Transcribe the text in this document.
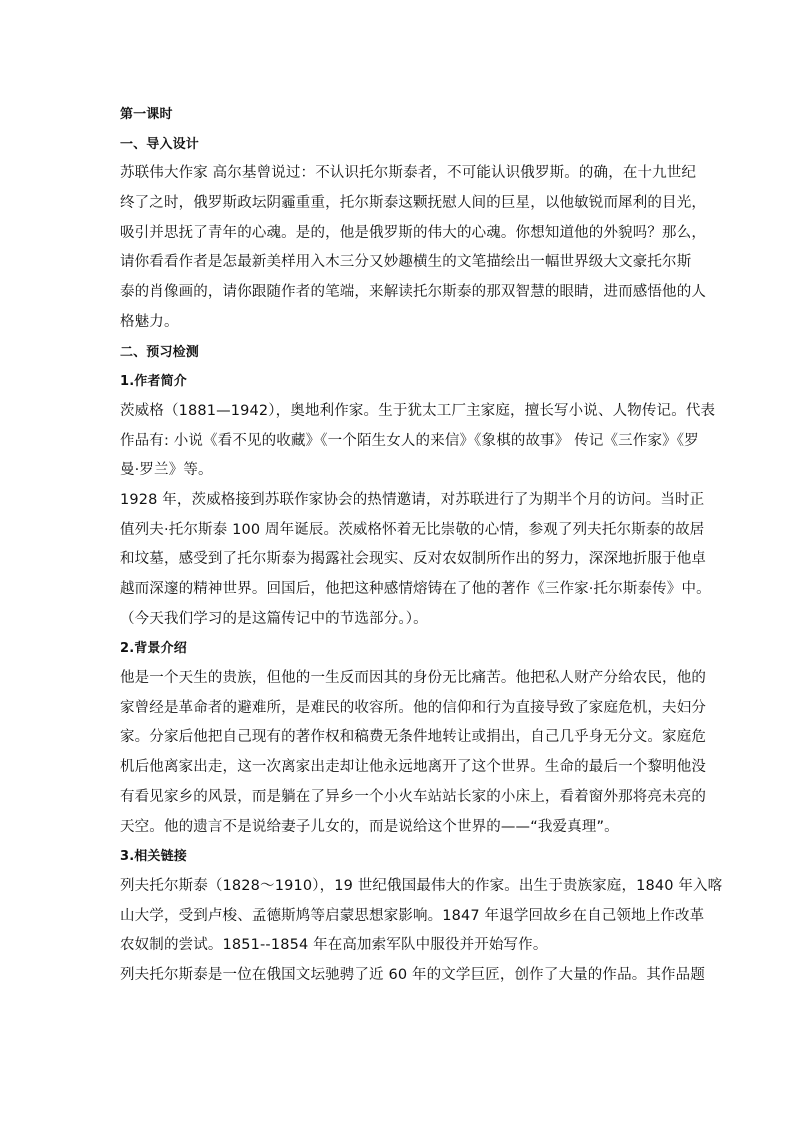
第一课时
一、导入设计
苏联伟大作家 高尔基曾说过：不认识托尔斯泰者，不可能认识俄罗斯。的确，在十九世纪
终了之时，俄罗斯政坛阴霾重重，托尔斯泰这颗抚慰人间的巨星，以他敏锐而犀利的目光，
吸引并思抚了青年的心魂。是的，他是俄罗斯的伟大的心魂。你想知道他的外貌吗？那么，
请你看看作者是怎最新美样用入木三分又妙趣横生的文笔描绘出一幅世界级大文豪托尔斯
泰的肖像画的，请你跟随作者的笔端，来解读托尔斯泰的那双智慧的眼睛，进而感悟他的人
格魅力。
二、预习检测
1.作者简介
茨威格（1881—1942），奥地利作家。生于犹太工厂主家庭，擅长写小说、人物传记。代表
作品有: 小说《看不见的收藏》《一个陌生女人的来信》《象棋的故事》 传记《三作家》《罗
曼·罗兰》等。
1928 年，茨威格接到苏联作家协会的热情邀请，对苏联进行了为期半个月的访问。当时正
值列夫·托尔斯泰 100 周年诞辰。茨威格怀着无比崇敬的心情，参观了列夫托尔斯泰的故居
和坟墓，感受到了托尔斯泰为揭露社会现实、反对农奴制所作出的努力，深深地折服于他卓
越而深邃的精神世界。回国后，他把这种感情熔铸在了他的著作《三作家·托尔斯泰传》中。
（今天我们学习的是这篇传记中的节选部分。）。
2.背景介绍
他是一个天生的贵族，但他的一生反而因其的身份无比痛苦。他把私人财产分给农民，他的
家曾经是革命者的避难所，是难民的收容所。他的信仰和行为直接导致了家庭危机，夫妇分
家。分家后他把自己现有的著作权和稿费无条件地转让或捐出，自己几乎身无分文。家庭危
机后他离家出走，这一次离家出走却让他永远地离开了这个世界。生命的最后一个黎明他没
有看见家乡的风景，而是躺在了异乡一个小火车站站长家的小床上，看着窗外那将亮未亮的
天空。他的遗言不是说给妻子儿女的，而是说给这个世界的——“我爱真理”。
3.相关链接
列夫托尔斯泰（1828～1910），19 世纪俄国最伟大的作家。出生于贵族家庭，1840 年入喀
山大学，受到卢梭、孟德斯鸠等启蒙思想家影响。1847 年退学回故乡在自己领地上作改革
农奴制的尝试。1851--1854 年在高加索军队中服役并开始写作。
列夫托尔斯泰是一位在俄国文坛驰骋了近 60 年的文学巨匠，创作了大量的作品。其作品题
